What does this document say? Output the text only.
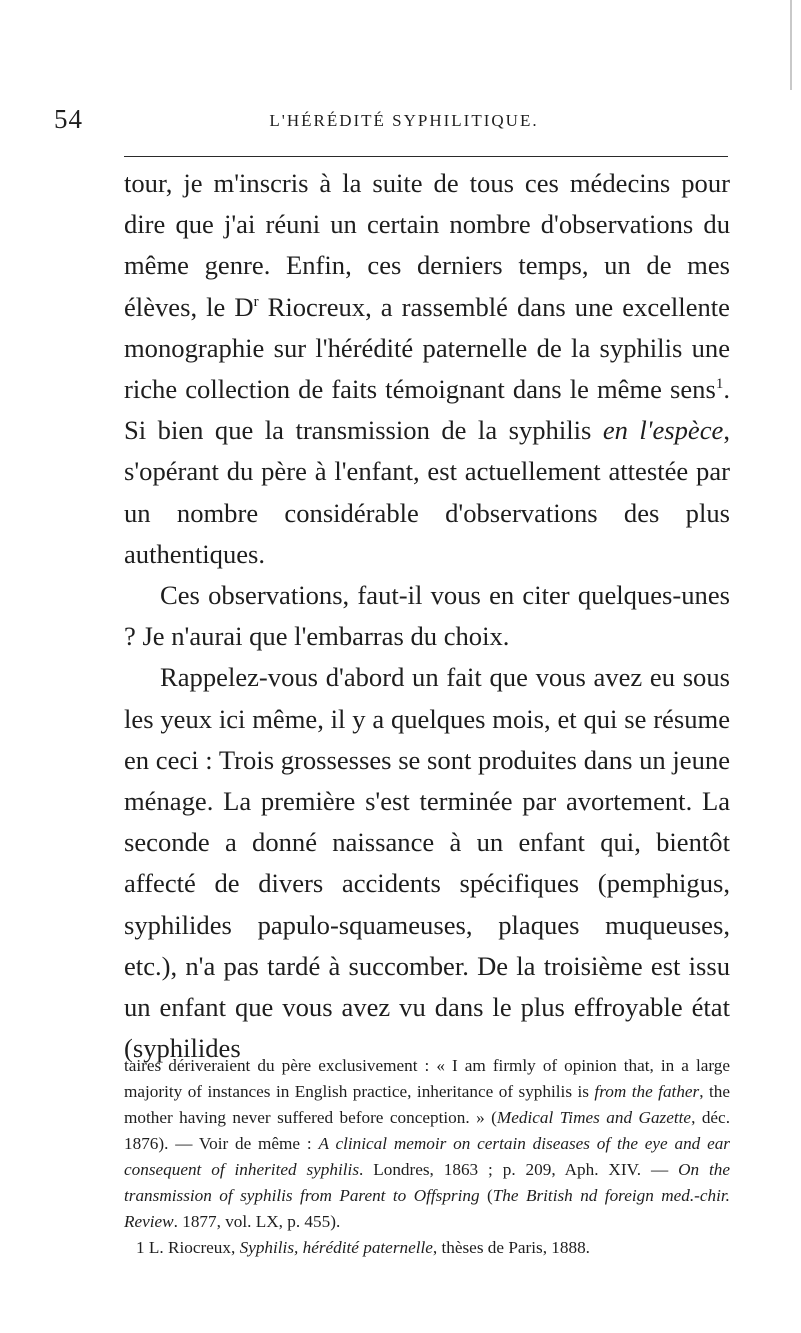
54	L'HÉRÉDITÉ SYPHILITIQUE.

tour, je m'inscris à la suite de tous ces médecins pour dire que j'ai réuni un certain nombre d'observations du même genre. Enfin, ces derniers temps, un de mes élèves, le $D^r$ Riocreux, a rassemblé dans une excellente monographie sur l'hérédité paternelle de la syphilis une riche collection de faits témoignant dans le même sens$^1$. Si bien que la transmission de la syphilis en l'espèce, s'opérant du père à l'enfant, est actuellement attestée par un nombre considérable d'observations des plus authentiques.

Ces observations, faut-il vous en citer quelques-unes ? Je n'aurai que l'embarras du choix.

Rappelez-vous d'abord un fait que vous avez eu sous les yeux ici même, il y a quelques mois, et qui se résume en ceci : Trois grossesses se sont produites dans un jeune ménage. La première s'est terminée par avortement. La seconde a donné naissance à un enfant qui, bientôt affecté de divers accidents spécifiques (pemphigus, syphilides papulo-squameuses, plaques muqueuses, etc.), n'a pas tardé à succomber. De la troisième est issu un enfant que vous avez vu dans le plus effroyable état (syphilides

taires dériveraient du père exclusivement : « I am firmly of opinion that, in a large majority of instances in English practice, inheritance of syphilis is from the father, the mother having never suffered before conception. » (Medical Times and Gazette, déc. 1876). — Voir de même : A clinical memoir on certain diseases of the eye and ear consequent of inherited syphilis. Londres, 1863 ; p. 209, Aph. XIV. — On the transmission of syphilis from Parent to Offspring (The British nd foreign med.-chir. Review. 1877, vol. LX, p. 455).

1 L. Riocreux, Syphilis, hérédité paternelle, thèses de Paris, 1888.
